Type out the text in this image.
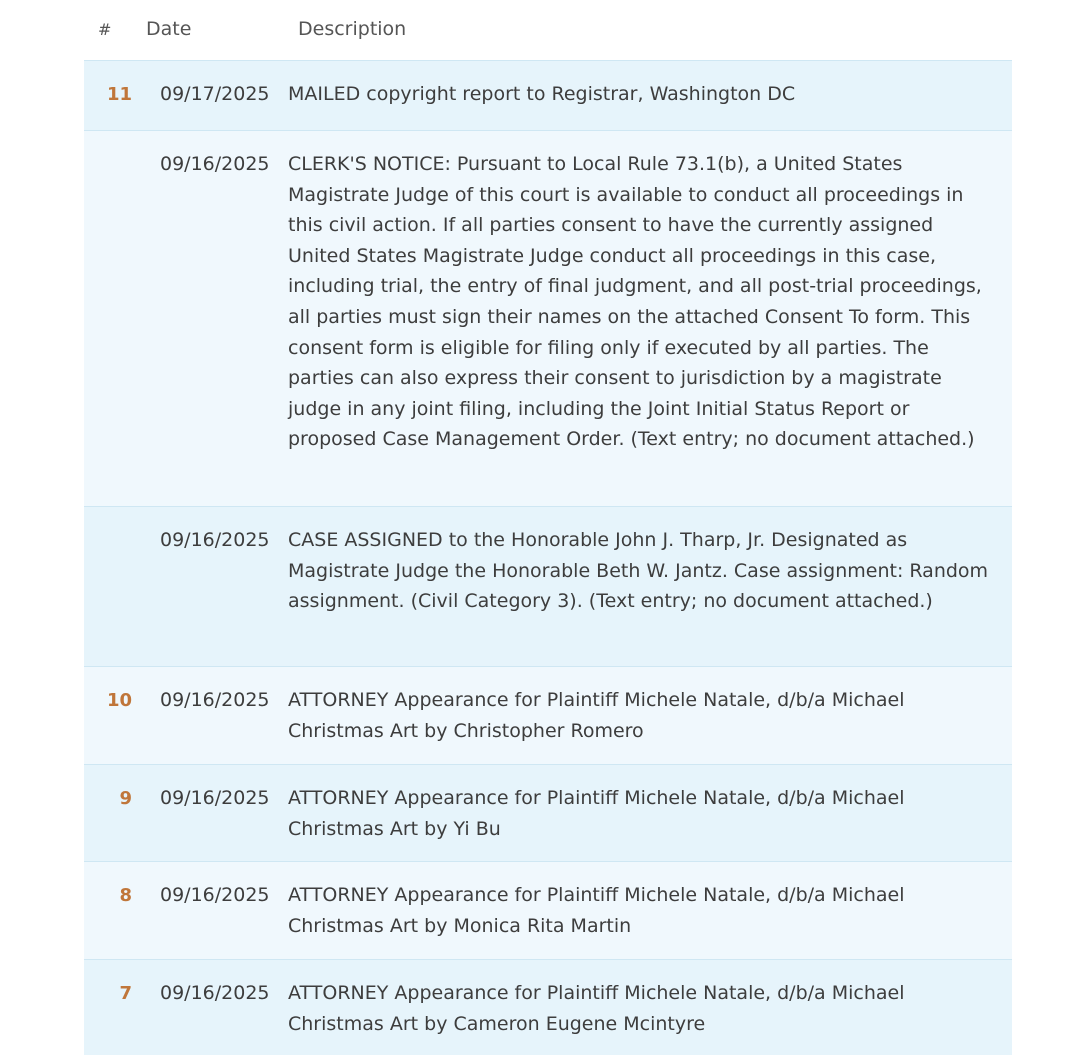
# Date	Description
11 09/17/2025 MAILED copyright report to Registrar, Washington DC
09/16/2025 CLERK'S NOTICE: Pursuant to Local Rule 73.1(b), a United States Magistrate Judge of this court is available to conduct all proceedings in this civil action. If all parties consent to have the currently assigned United States Magistrate Judge conduct all proceedings in this case, including trial, the entry of final judgment, and all post-trial proceedings, all parties must sign their names on the attached Consent To form. This consent form is eligible for filing only if executed by all parties. The parties can also express their consent to jurisdiction by a magistrate judge in any joint filing, including the Joint Initial Status Report or proposed Case Management Order. (Text entry; no document attached.)
09/16/2025 CASE ASSIGNED to the Honorable John J. Tharp, Jr. Designated as Magistrate Judge the Honorable Beth W. Jantz. Case assignment: Random assignment. (Civil Category 3). (Text entry; no document attached.)
10 09/16/2025 ATTORNEY Appearance for Plaintiff Michele Natale, d/b/a Michael Christmas Art by Christopher Romero
9 09/16/2025 ATTORNEY Appearance for Plaintiff Michele Natale, d/b/a Michael Christmas Art by Yi Bu
8 09/16/2025 ATTORNEY Appearance for Plaintiff Michele Natale, d/b/a Michael Christmas Art by Monica Rita Martin
7 09/16/2025 ATTORNEY Appearance for Plaintiff Michele Natale, d/b/a Michael Christmas Art by Cameron Eugene Mcintyre
